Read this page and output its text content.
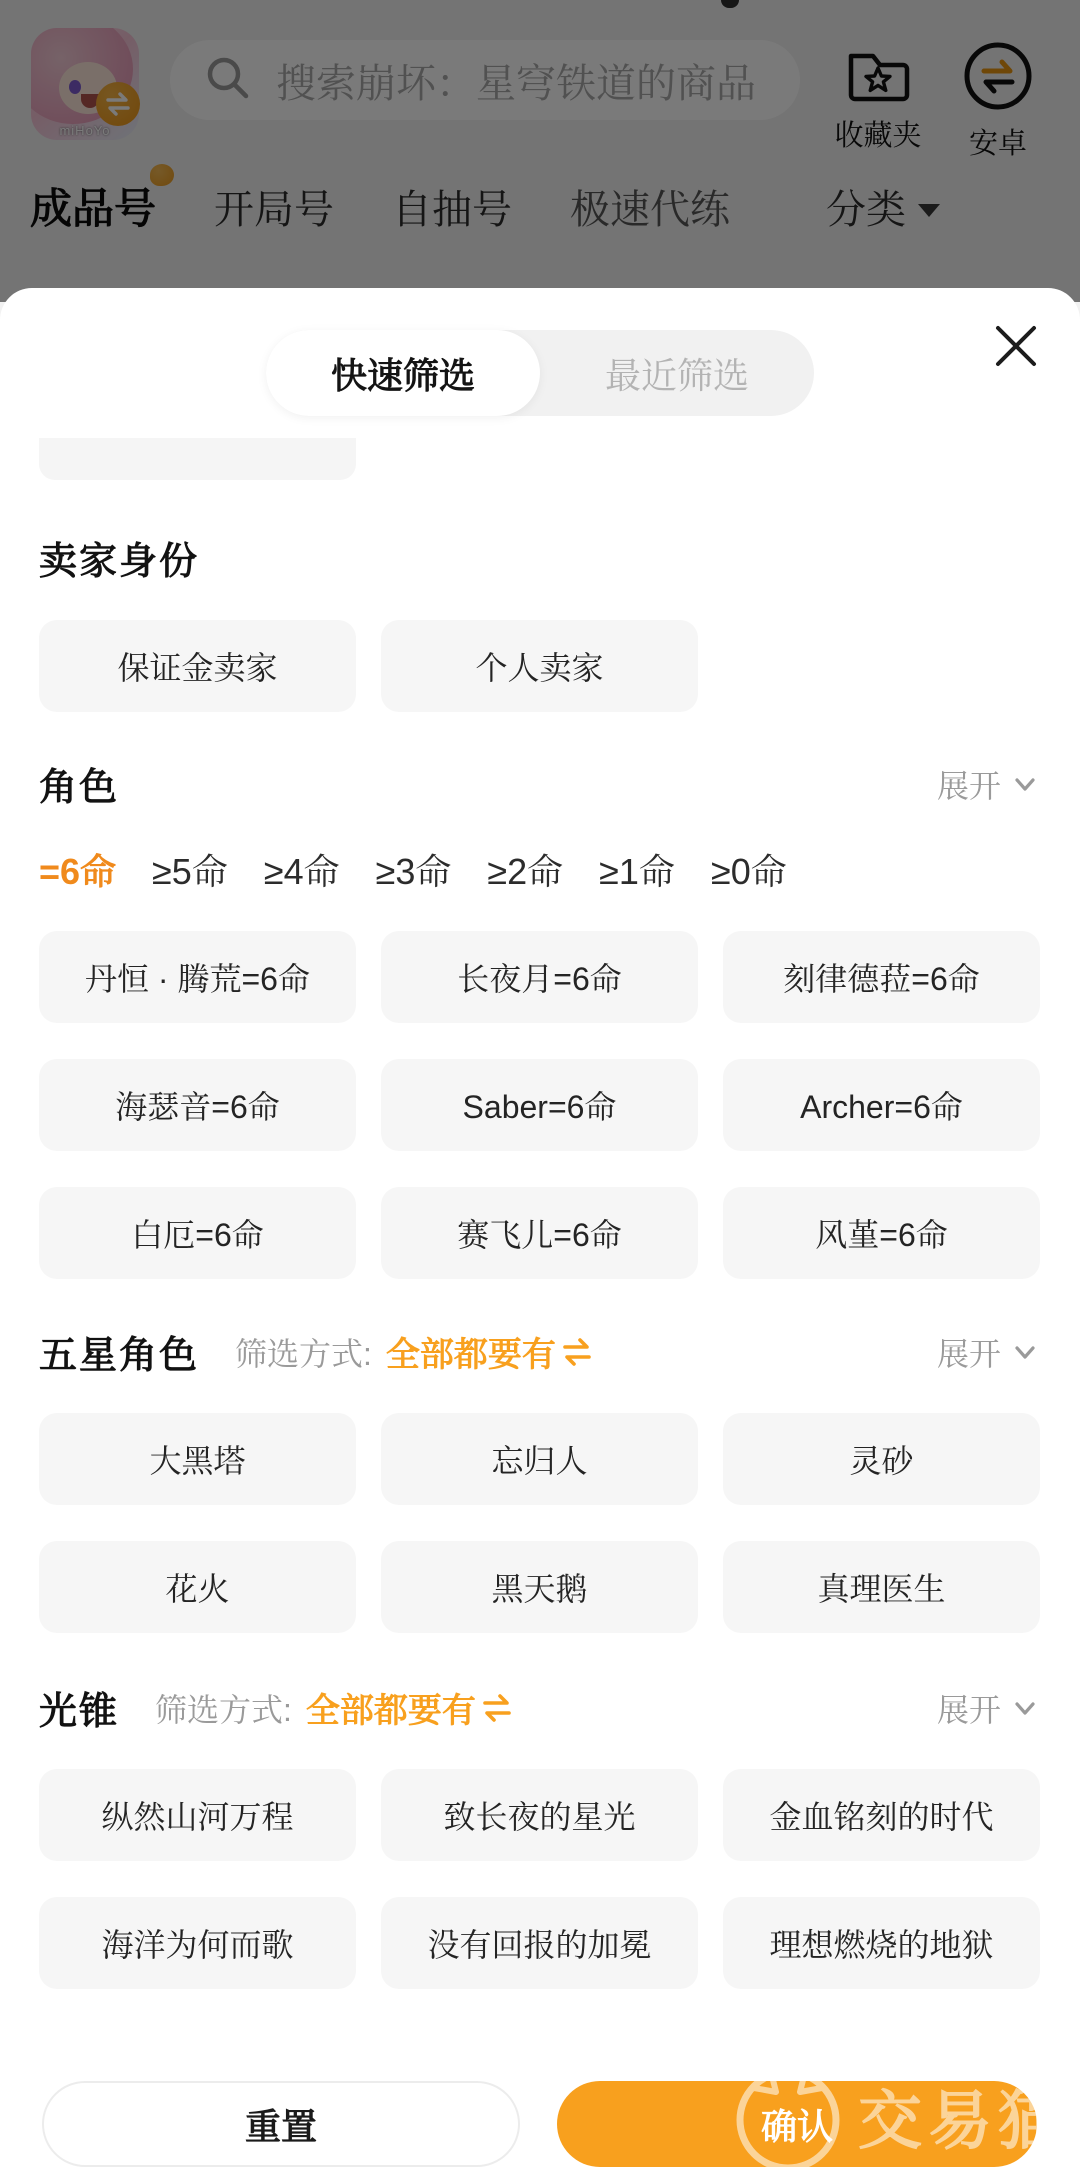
快速筛选	最近筛选
卖家身份
保证金卖家	个人卖家
角色	展开
=6命 ≥5命 ≥4命 ≥3命 ≥2命 ≥1命 ≥0命
丹恒 · 腾荒=6命	长夜月=6命	刻律德菈=6命
海瑟音=6命	Saber=6命	Archer=6命
白厄=6命	赛飞儿=6命	风堇=6命
五星角色 筛选方式: 全部都要有	展开
大黑塔	忘归人	灵砂
花火	黑天鹅	真理医生
光锥 筛选方式: 全部都要有	展开
纵然山河万程	致长夜的星光	金血铭刻的时代
海洋为何而歌	没有回报的加冕	理想燃烧的地狱
重置	确认 交易猫
